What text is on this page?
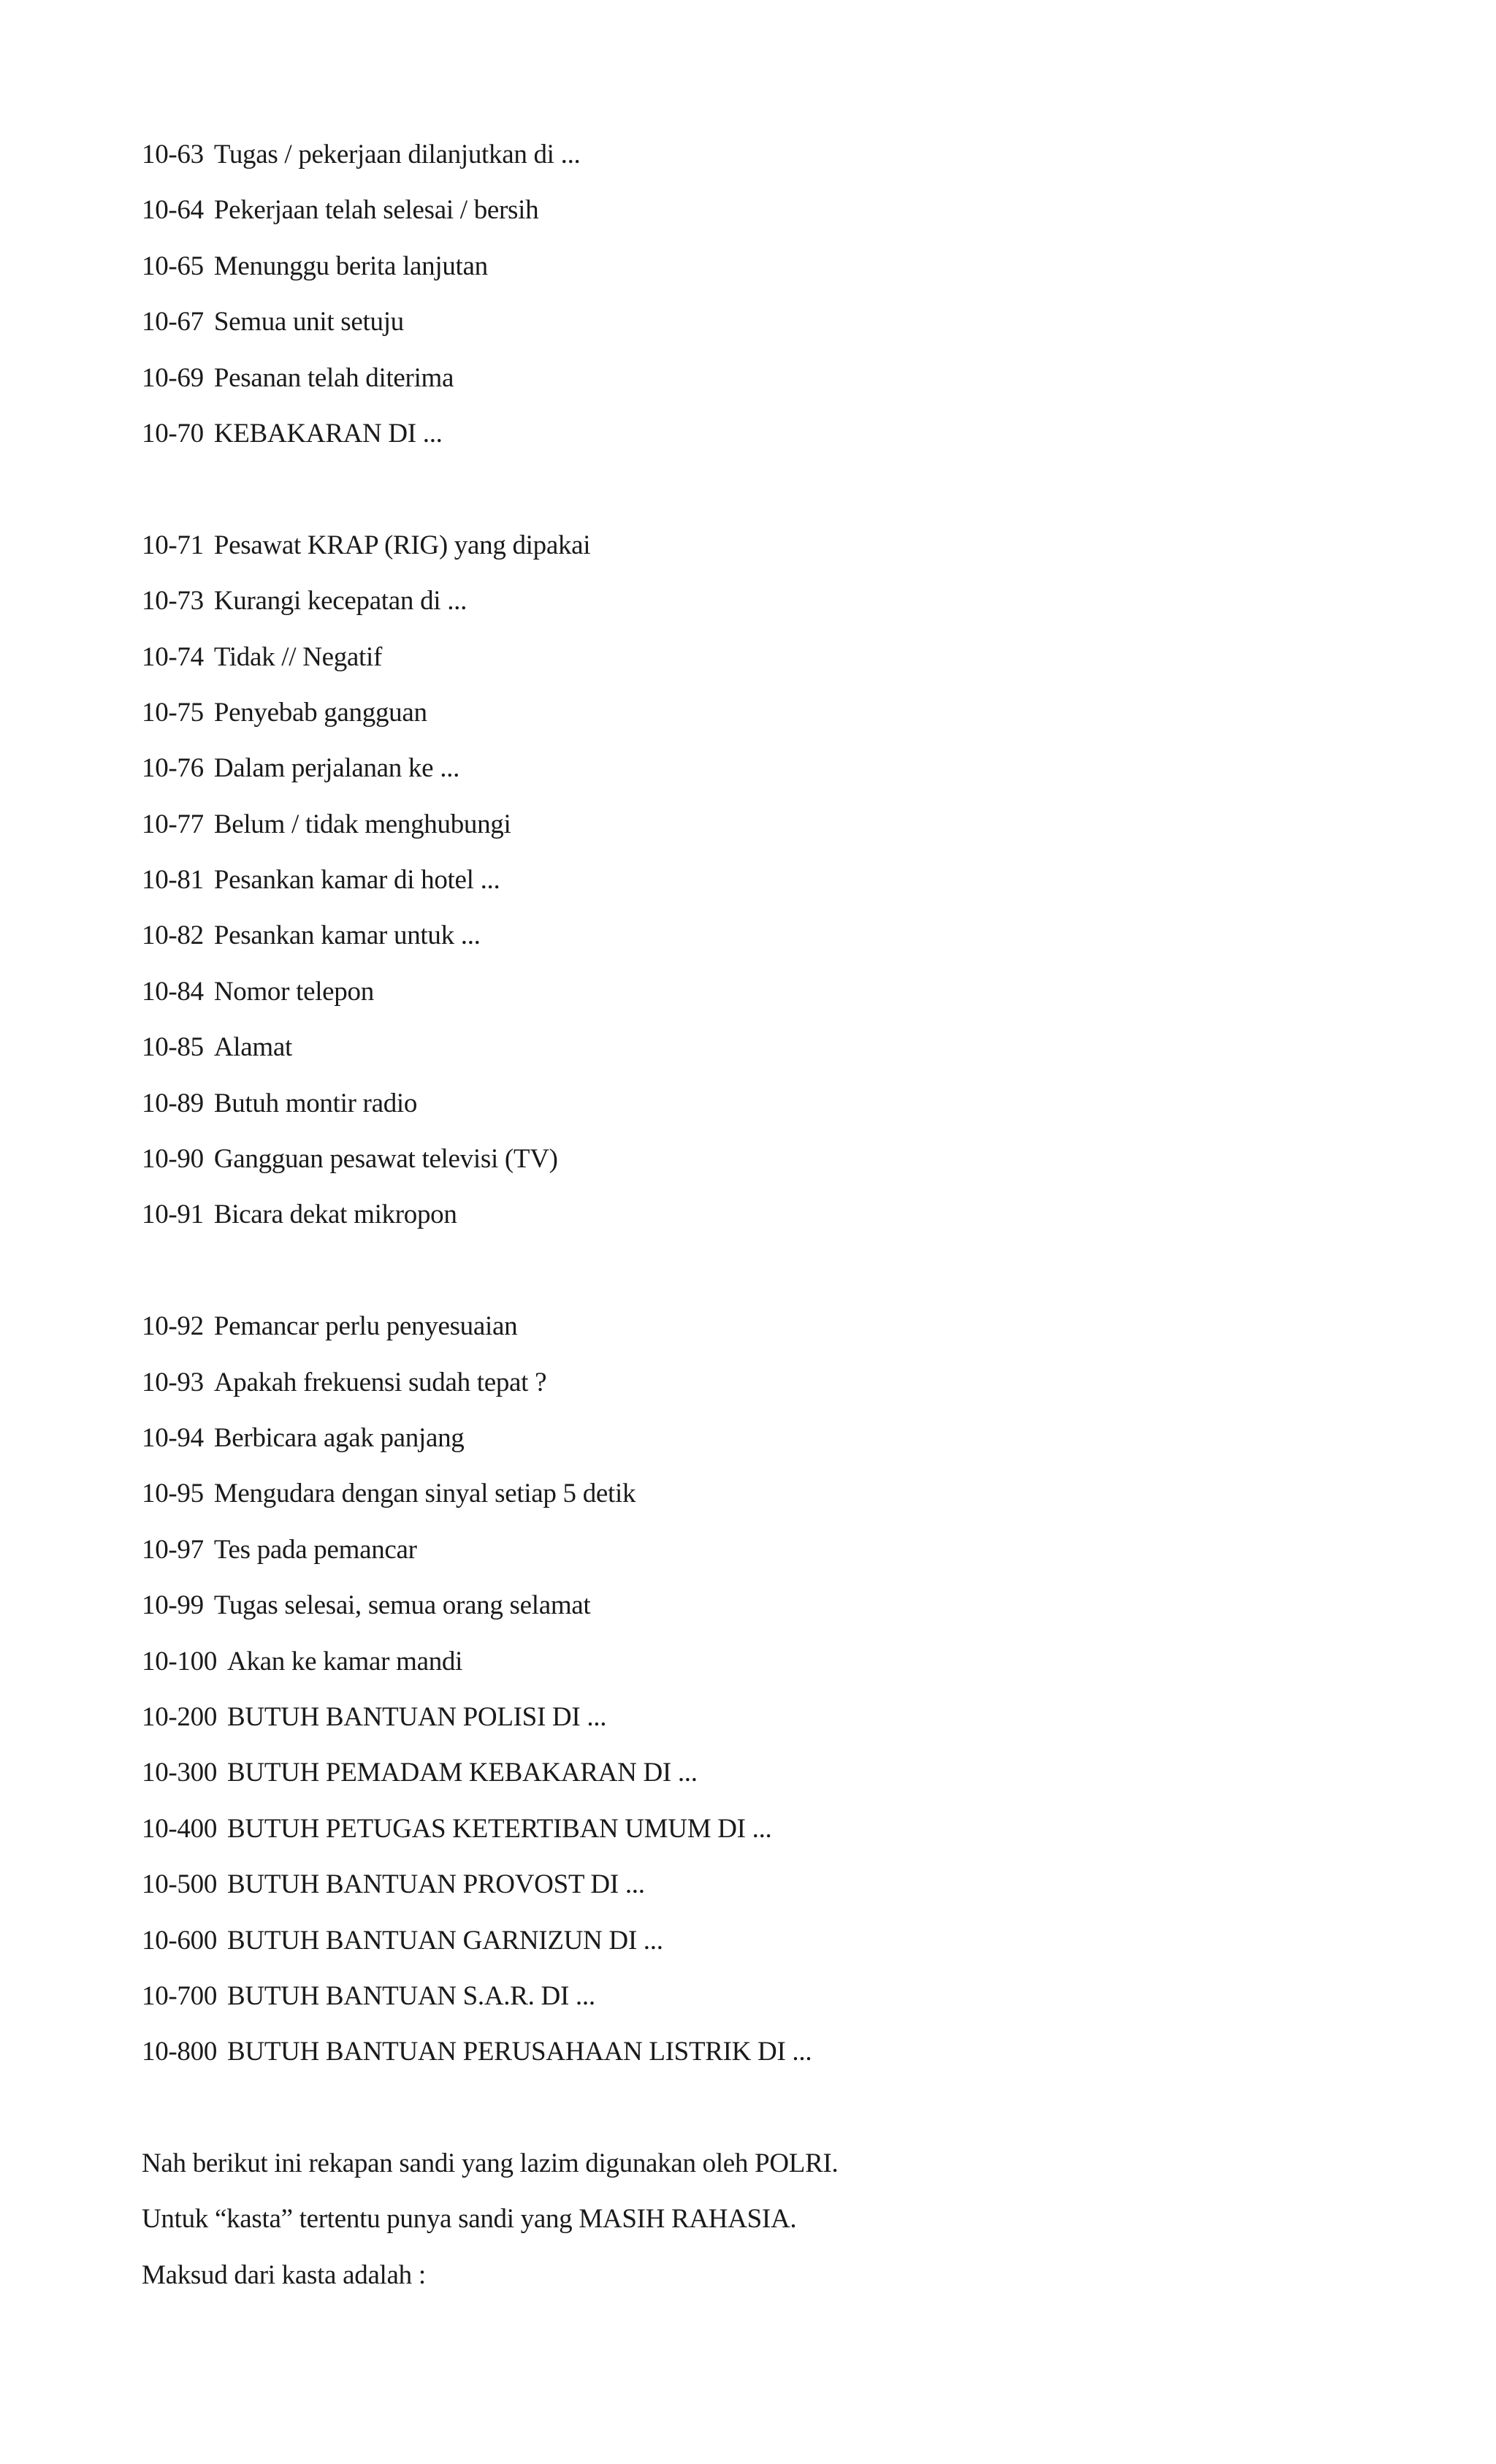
10-63 Tugas / pekerjaan dilanjutkan di ...
10-64 Pekerjaan telah selesai / bersih
10-65 Menunggu berita lanjutan
10-67 Semua unit setuju
10-69 Pesanan telah diterima
10-70 KEBAKARAN DI ...
10-71 Pesawat KRAP (RIG) yang dipakai
10-73 Kurangi kecepatan di ...
10-74 Tidak // Negatif
10-75 Penyebab gangguan
10-76 Dalam perjalanan ke ...
10-77 Belum / tidak menghubungi
10-81 Pesankan kamar di hotel ...
10-82 Pesankan kamar untuk ...
10-84 Nomor telepon
10-85 Alamat
10-89 Butuh montir radio
10-90 Gangguan pesawat televisi (TV)
10-91 Bicara dekat mikropon
10-92 Pemancar perlu penyesuaian
10-93 Apakah frekuensi sudah tepat ?
10-94 Berbicara agak panjang
10-95 Mengudara dengan sinyal setiap 5 detik
10-97 Tes pada pemancar
10-99 Tugas selesai, semua orang selamat
10-100 Akan ke kamar mandi
10-200 BUTUH BANTUAN POLISI DI ...
10-300 BUTUH PEMADAM KEBAKARAN DI ...
10-400 BUTUH PETUGAS KETERTIBAN UMUM DI ...
10-500 BUTUH BANTUAN PROVOST DI ...
10-600 BUTUH BANTUAN GARNIZUN DI ...
10-700 BUTUH BANTUAN S.A.R. DI ...
10-800 BUTUH BANTUAN PERUSAHAAN LISTRIK DI ...
Nah berikut ini rekapan sandi yang lazim digunakan oleh POLRI.
Untuk “kasta” tertentu punya sandi yang MASIH RAHASIA.
Maksud dari kasta adalah :
